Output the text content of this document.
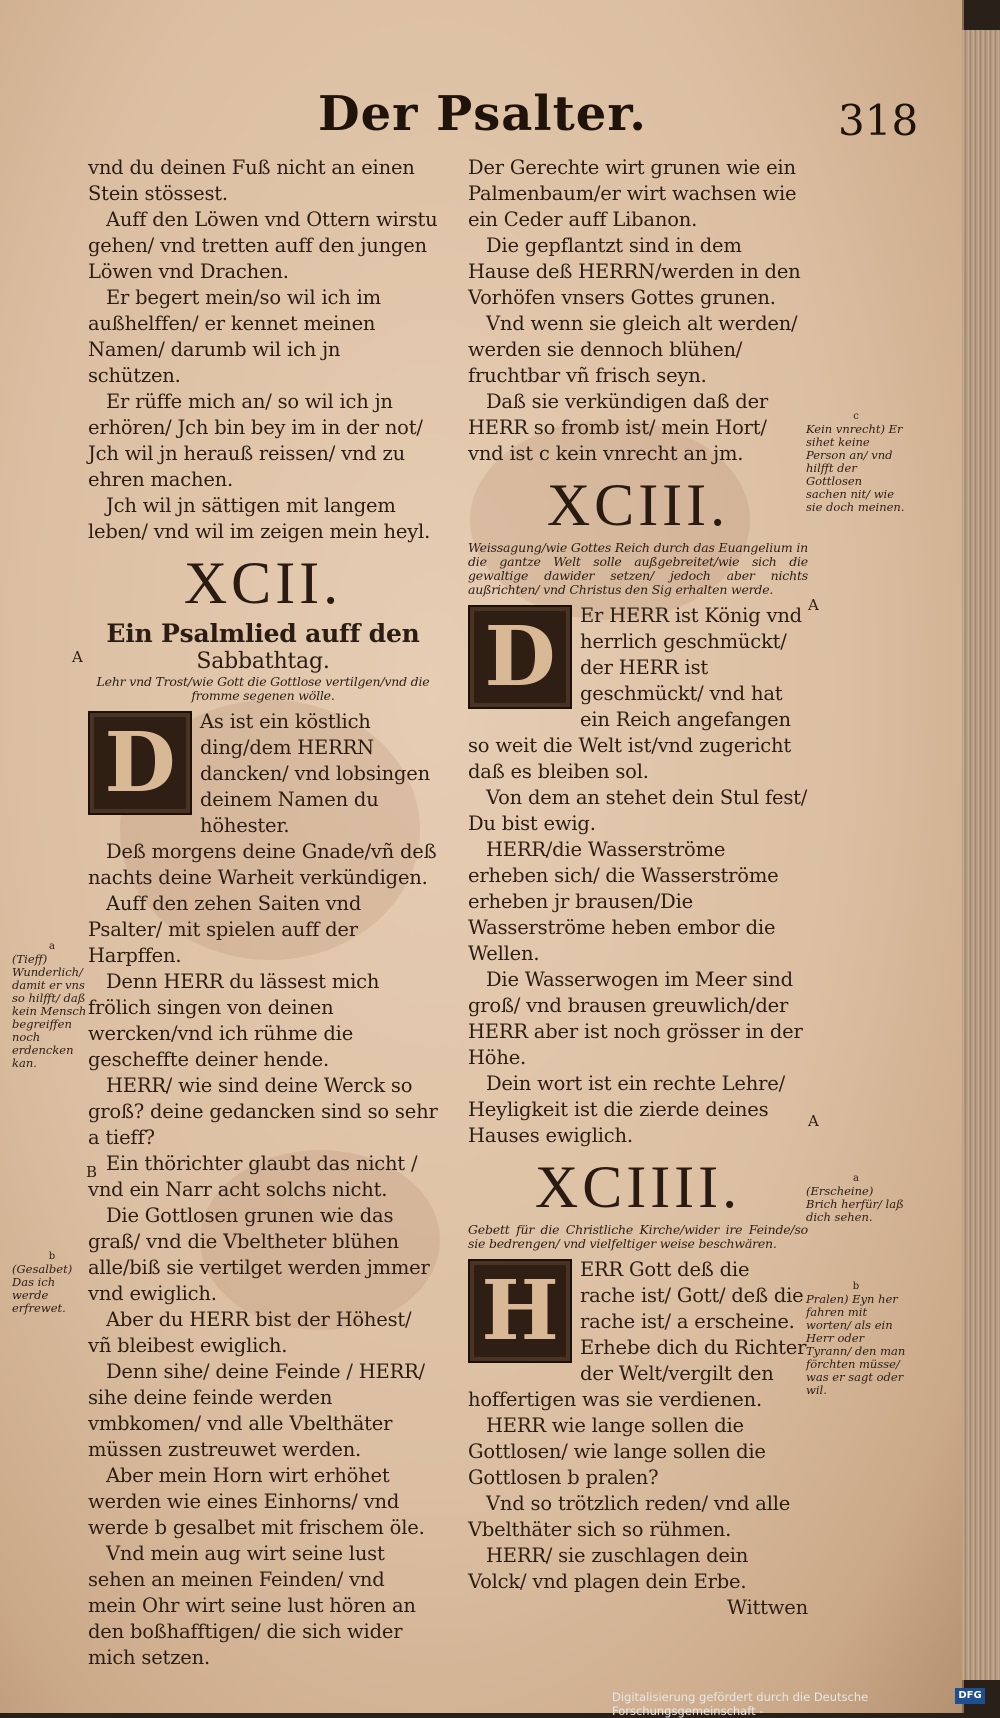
Der Psalter.	318

vnd du deinen Fuß nicht an einen Stein stössest.

Auff den Löwen vnd Ottern wirstu gehen/ vnd tretten auff den jungen Löwen vnd Drachen.

Er begert mein/so wil ich im außhelffen/ er kennet meinen Namen/ darumb wil ich jn schützen.

Er rüffe mich an/ so wil ich jn erhören/ Jch bin bey im in der not/ Jch wil jn herauß reissen/ vnd zu ehren machen.

Jch wil jn sättigen mit langem leben/ vnd wil im zeigen mein heyl.

XCII.
Ein Psalmlied auff den
Sabbathtag.
Lehr vnd Trost/wie Gott die Gottlose vertilgen/vnd die fromme segenen wölle.
D	As ist ein köstlich ding/dem HERRN dancken/ vnd lobsingen deinem Namen du höhester.

Deß morgens deine Gnade/vñ deß nachts deine Warheit verkündigen.

Auff den zehen Saiten vnd Psalter/ mit spielen auff der Harpffen.

Denn HERR du lässest mich frölich singen von deinen wercken/vnd ich rühme die geschefftе deiner hende.

HERR/ wie sind deine Werck so groß? deine gedancken sind so sehr a tieff?

Ein thörichter glaubt das nicht / vnd ein Narr acht solchs nicht.

Die Gottlosen grunen wie das graß/ vnd die Vbeltheter blühen alle/biß sie vertilget werden jmmer vnd ewiglich.

Aber du HERR bist der Höhest/ vñ bleibest ewiglich.

Denn sihe/ deine Feinde / HERR/ sihe deine feinde werden vmbkomen/ vnd alle Vbelthäter müssen zustreuwet werden.

Aber mein Horn wirt erhöhet werden wie eines Einhorns/ vnd werde b gesalbet mit frischem öle.

Vnd mein aug wirt seine lust sehen an meinen Feinden/ vnd mein Ohr wirt seine lust hören an den boßhafftigen/ die sich wider mich setzen.

A
B
a
(Tieff) Wunderlich/ damit er vns so hilfft/ daß kein Mensch begreiffen noch erdencken kan.
b
(Gesalbet) Das ich werde erfrewet.

Der Gerechte wirt grunen wie ein Palmenbaum/er wirt wachsen wie ein Ceder auff Libanon.

Die gepflantzt sind in dem Hause deß HERRN/werden in den Vorhöfen vnsers Gottes grunen.

Vnd wenn sie gleich alt werden/ werden sie dennoch blühen/ fruchtbar vñ frisch seyn.

Daß sie verkündigen daß der HERR so fromb ist/ mein Hort/ vnd ist c kein vnrecht an jm.

XCIII.
Weissagung/wie Gottes Reich durch das Euangelium in die gantze Welt solle außgebreitet/wie sich die gewaltige dawider setzen/ jedoch aber nichts außrichten/ vnd Christus den Sig erhalten werde.
D	Er HERR ist König vnd herrlich geschmückt/ der HERR ist geschmückt/ vnd hat ein Reich angefangen so weit die Welt ist/vnd zugericht daß es bleiben sol.

Von dem an stehet dein Stul fest/ Du bist ewig.

HERR/die Wasserströme erheben sich/ die Wasserströme erheben jr brausen/Die Wasserströme heben embor die Wellen.

Die Wasserwogen im Meer sind groß/ vnd brausen greuwlich/der HERR aber ist noch grösser in der Höhe.

Dein wort ist ein rechte Lehre/ Heyligkeit ist die zierde deines Hauses ewiglich.

XCIIII.
Gebett für die Christliche Kirche/wider ire Feinde/so sie bedrengen/ vnd vielfeltiger weise beschwären.
H	ERR Gott deß die rache ist/ Gott/ deß die rache ist/ a erscheine. Erhebe dich du Richter der Welt/vergilt den hoffertigen was sie verdienen.

HERR wie lange sollen die Gottlosen/ wie lange sollen die Gottlosen b pralen?

Vnd so trötzlich reden/ vnd alle Vbelthäter sich so rühmen.

HERR/ sie zuschlagen dein Volck/ vnd plagen dein Erbe.

Wittwen

A
A
c
Kein vnrecht) Er sihet keine Person an/ vnd hilfft der Gottlosen sachen nit/ wie sie doch meinen.
a
(Erscheine) Brich herfür/ laß dich sehen.
b
Pralen) Eyn her fahren mit worten/ als ein Herr oder Tyrann/ den man förchten müsse/ was er sagt oder wil.
Digitalisierung gefördert durch die Deutsche Forschungsgemeinschaft -
DFG
